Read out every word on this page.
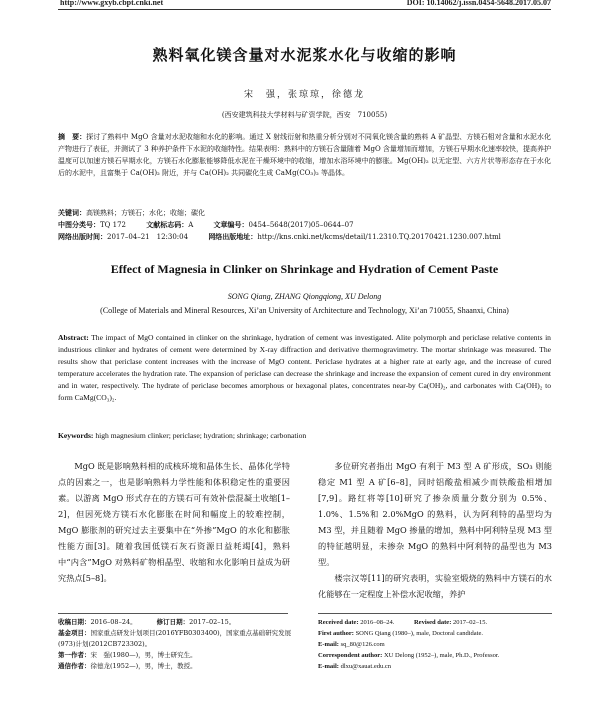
http://www.gxyb.cbpt.cnki.net	DOI: 10.14062/j.issn.0454-5648.2017.05.07
熟料氧化镁含量对水泥浆水化与收缩的影响
宋　强，张琼琼，徐德龙
(西安建筑科技大学材料与矿资学院，西安　710055)
摘　要：探讨了熟料中 MgO 含量对水泥收缩和水化的影响。通过 X 射线衍射和热重分析分别对不同氧化镁含量的熟料 A 矿晶型、方镁石相对含量和水泥水化产物进行了表征，并测试了 3 种养护条件下水泥的收缩特性。结果表明：熟料中的方镁石含量随着 MgO 含量增加而增加，方镁石早期水化速率较快，提高养护温度可以加速方镁石早期水化，方镁石水化膨胀能够降低水泥在干燥环境中的收缩，增加水浴环境中的膨胀。Mg(OH)₂ 以无定型、六方片状等形态存在于水化后的水泥中，且富集于 Ca(OH)₂ 附近，并与 Ca(OH)₂ 共同碳化生成 CaMg(CO₃)₂ 等晶体。
关键词：高镁熟料；方镁石；水化；收缩；碳化
中图分类号：TQ 172	文献标志码：A	文章编号：0454–5648(2017)05–0644–07
网络出版时间：2017–04–21　12:30:04	网络出版地址：http://kns.cnki.net/kcms/detail/11.2310.TQ.20170421.1230.007.html
Effect of Magnesia in Clinker on Shrinkage and Hydration of Cement Paste
SONG Qiang, ZHANG Qiongqiong, XU Delong
(College of Materials and Mineral Resources, Xi’an University of Architecture and Technology, Xi’an 710055, Shaanxi, China)
Abstract: The impact of MgO contained in clinker on the shrinkage, hydration of cement was investigated. Alite polymorph and periclase relative contents in industrious clinker and hydrates of cement were determined by X-ray diffraction and derivative thermogravimetry. The mortar shrinkage was measured. The results show that periclase content increases with the increase of MgO content. Periclase hydrates at a higher rate at early age, and the increase of cured temperature accelerates the hydration rate. The expansion of periclase can decrease the shrinkage and increase the expansion of cement cured in dry environment and in water, respectively. The hydrate of periclase becomes amorphous or hexagonal plates, concentrates near-by Ca(OH)₂, and carbonates with Ca(OH)₂ to form CaMg(CO₃)₂.
Keywords: high magnesium clinker; periclase; hydration; shrinkage; carbonation
MgO 既是影响熟料相的成核环境和晶体生长、晶体化学特点的因素之一，也是影响熟料力学性能和体积稳定性的重要因素。以游离 MgO 形式存在的方镁石可有效补偿混凝土收缩[1–2]，但因死烧方镁石水化膨胀在时间和幅度上的较难控制，MgO 膨胀剂的研究过去主要集中在“外掺”MgO 的水化和膨胀性能方面[3]。随着我国低镁石灰石资源日益耗竭[4]，熟料中“内含”MgO 对熟料矿物相晶型、收缩和水化影响日益成为研究热点[5–8]。
多位研究者指出 MgO 有利于 M3 型 A 矿形成，SO₃ 则能稳定 M1 型 A 矿[6–8]，同时铝酸盐相减少而铁酸盐相增加[7,9]。路红将等[10]研究了掺杂质量分数分别为 0.5%、1.0%、1.5%和 2.0%MgO 的熟料，认为阿利特的晶型均为 M3 型，并且随着 MgO 掺量的增加，熟料中阿利特呈现 M3 型的特征越明显，未掺杂 MgO 的熟料中阿利特的晶型也为 M3 型。
楼宗汉等[11]的研究表明，实验室煅烧的熟料中方镁石的水化能够在一定程度上补偿水泥收缩，养护
收稿日期：2016–08–24。	修订日期：2017–02–15。
基金项目：国家重点研发计划项目(2016YFB0303400)，国家重点基础研究发展(973)计划(2012CB723302)。
第一作者：宋　强(1980—)，男，博士研究生。
通信作者：徐德龙(1952—)，男，博士，教授。
Received date: 2016–08–24.	Revised date: 2017–02–15.
First author: SONG Qiang (1980–), male, Doctoral candidate.
E-mail: sq_80@126.com
Correspondent author: XU Delong (1952–), male, Ph.D., Professor.
E-mail: dlxu@xauat.edu.cn
